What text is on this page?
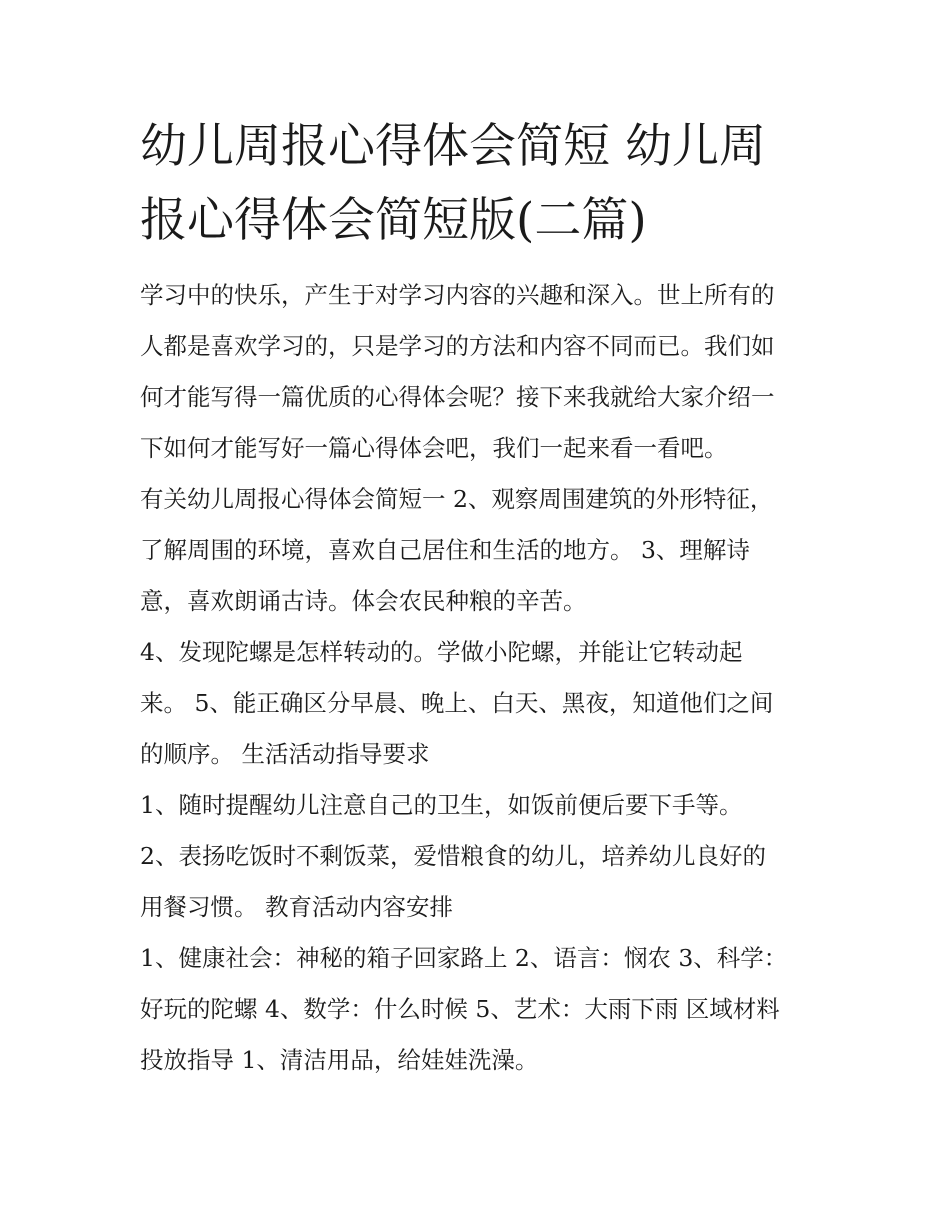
幼儿周报心得体会简短 幼儿周
报心得体会简短版(二篇)

学习中的快乐，产生于对学习内容的兴趣和深入。世上所有的
人都是喜欢学习的，只是学习的方法和内容不同而已。我们如
何才能写得一篇优质的心得体会呢？接下来我就给大家介绍一
下如何才能写好一篇心得体会吧，我们一起来看一看吧。

有关幼儿周报心得体会简短一 2、观察周围建筑的外形特征，
了解周围的环境，喜欢自己居住和生活的地方。 3、理解诗
意，喜欢朗诵古诗。体会农民种粮的辛苦。

4、发现陀螺是怎样转动的。学做小陀螺，并能让它转动起
来。 5、能正确区分早晨、晚上、白天、黑夜，知道他们之间
的顺序。 生活活动指导要求

1、随时提醒幼儿注意自己的卫生，如饭前便后要下手等。

2、表扬吃饭时不剩饭菜，爱惜粮食的幼儿，培养幼儿良好的
用餐习惯。 教育活动内容安排

1、健康社会：神秘的箱子回家路上 2、语言：悯农 3、科学：
好玩的陀螺 4、数学：什么时候 5、艺术：大雨下雨 区域材料
投放指导 1、清洁用品，给娃娃洗澡。
